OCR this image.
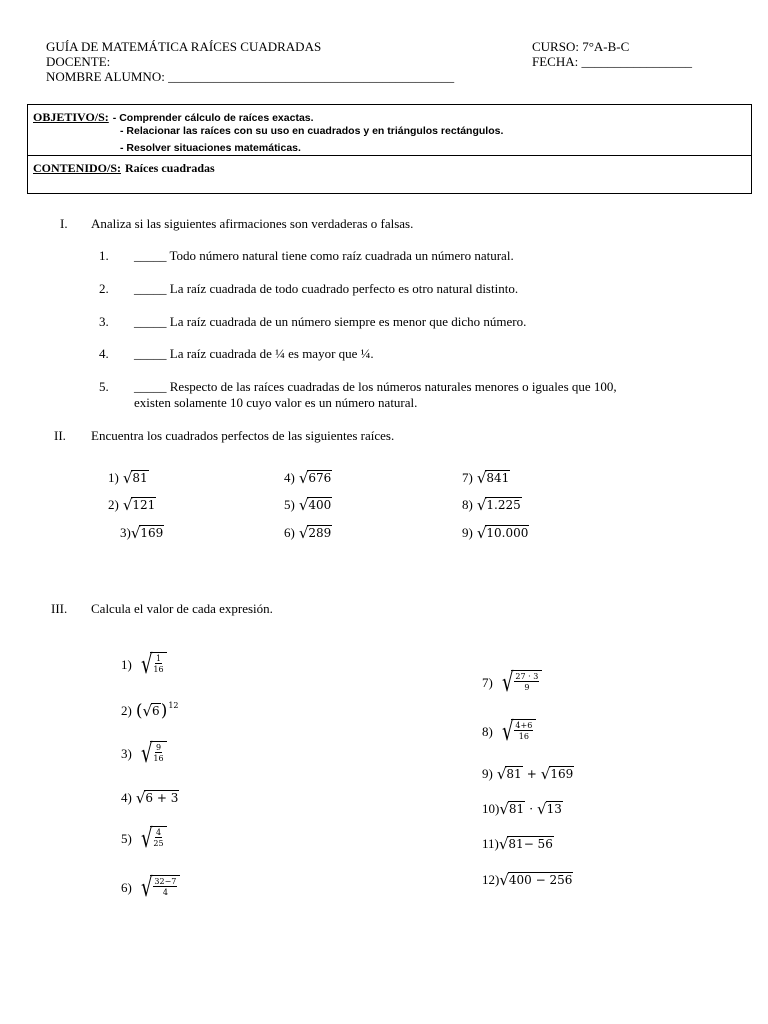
GUÍA DE MATEMÁTICA RAÍCES CUADRADAS	CURSO: 7°A-B-C
DOCENTE:	FECHA: _________________
NOMBRE ALUMNO: ____________________________________________
OBJETIVO/S: - Comprender cálculo de raíces exactas.
- Relacionar las raíces con su uso en cuadrados y en triángulos rectángulos.
- Resolver situaciones matemáticas.
CONTENIDO/S: Raíces cuadradas
I. Analiza si las siguientes afirmaciones son verdaderas o falsas.
1. _____ Todo número natural tiene como raíz cuadrada un número natural.
2. _____ La raíz cuadrada de todo cuadrado perfecto es otro natural distinto.
3. _____ La raíz cuadrada de un número siempre es menor que dicho número.
4. _____ La raíz cuadrada de ¼ es mayor que ¼.
5. _____ Respecto de las raíces cuadradas de los números naturales menores o iguales que 100,
existen solamente 10 cuyo valor es un número natural.
II. Encuentra los cuadrados perfectos de las siguientes raíces.
1) √ 81
2) √ 121
3) √ 169
4) √ 676
5) √ 400
6) √ 289
7) √ 841
8) √ 1.225
9) √ 10.000
III. Calcula el valor de cada expresión.
1) √
$\frac{1}{16}$
2) ( √ 6 ) 12
3) √
$\frac{9}{16}$
4) √ 6 + 3
5) √
$\frac{4}{25}$
6) √
$\frac{32-7}{4}$
7) √
$\frac{27 \cdot 3}{9}$
8) √
$\frac{4+6}{16}$
9) √ 81 + √ 169
10) √ 81 · √ 13
11) √ 81− 56
12) √ 400 − 256
